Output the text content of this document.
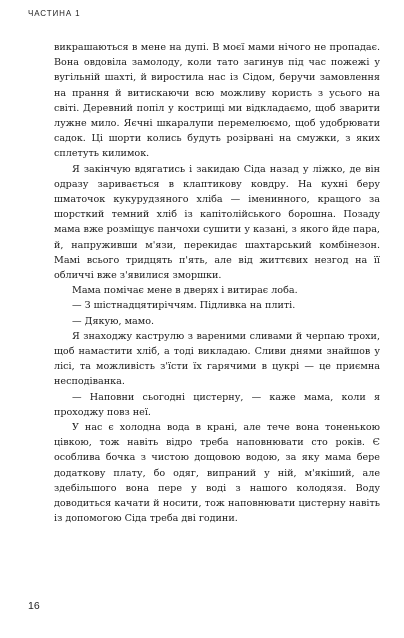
ЧАСТИНА 1

викрашаються в мене на дупі. В моєї мами нічого не пропадає. Вона овдовіла замолоду, коли тато загинув під час пожежі у вугільній шахті, й виростила нас із Сідом, беручи замовлення на прання й витискаючи всю можливу користь з усього на світі. Деревний попіл у кострищі ми відкладаємо, щоб зварити лужне мило. Яєчні шкаралупи перемелюємо, щоб удобрювати садок. Ці шорти колись будуть розірвані на смужки, з яких сплетуть килимок.

Я закінчую вдягатись і закидаю Сіда назад у ліжко, де він одразу заривається в клаптикову ковдру. На кухні беру шматочок кукурудзяного хліба — іменинного, кращого за шорсткий темний хліб із капітолійського борошна. Позаду мама вже розміщує панчохи сушити у казані, з якого йде пара, й, напруживши м'язи, перекидає шахтарський комбінезон. Мамі всього тридцять п'ять, але від життєвих незгод на її обличчі вже з'явилися зморшки.

Мама помічає мене в дверях і витирає лоба.

— З шістнадцятиріччям. Підливка на плиті.

— Дякую, мамо.

Я знаходжу каструлю з вареними сливами й черпаю трохи, щоб намастити хліб, а тоді викладаю. Сливи днями знайшов у лісі, та можливість з'їсти їх гарячими в цукрі — це приємна несподіванка.

— Наповни сьогодні цистерну, — каже мама, коли я проходжу повз неї.

У нас є холодна вода в крані, але тече вона тоненькою цівкою, тож навіть відро треба наповнювати сто років. Є особлива бочка з чистою дощовою водою, за яку мама бере додаткову плату, бо одяг, випраний у ній, м'якіший, але здебільшого вона пере у воді з нашого колодязя. Воду доводиться качати й носити, тож наповнювати цистерну навіть із допомогою Сіда треба дві години.

16
